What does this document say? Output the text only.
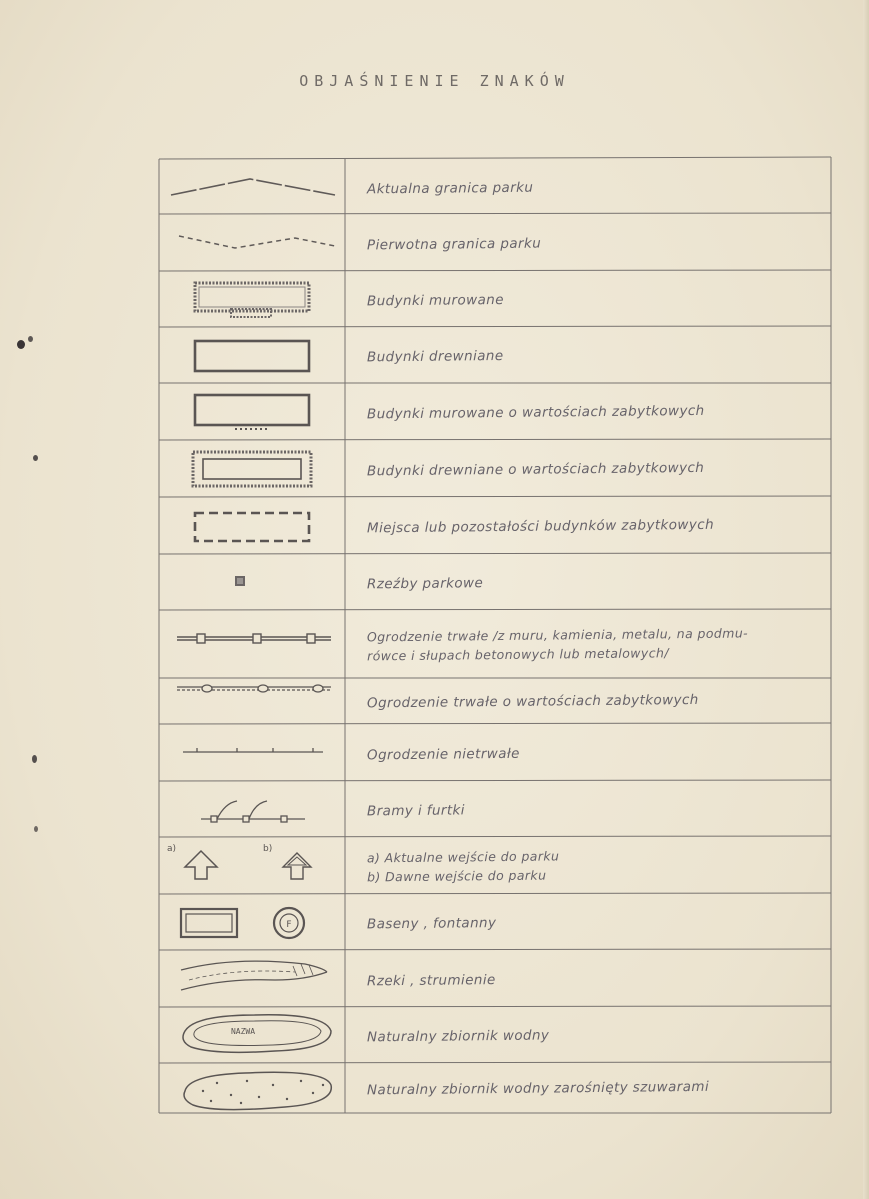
OBJAŚNIENIE ZNAKÓW
Aktualna granica parku
Pierwotna granica parku
Budynki murowane
Budynki drewniane
Budynki murowane o wartościach zabytkowych
Budynki drewniane o wartościach zabytkowych
Miejsca lub pozostałości budynków zabytkowych
Rzeźby parkowe
Ogrodzenie trwałe /z muru, kamienia, metalu, na podmu-
rówce i słupach betonowych lub metalowych/
Ogrodzenie trwałe o wartościach zabytkowych
Ogrodzenie nietrwałe
Bramy i furtki
a)	b)	a) Aktualne wejście do parku
b) Dawne wejście do parku
F	Baseny , fontanny
Rzeki , strumienie
NAZWA	Naturalny zbiornik wodny
Naturalny zbiornik wodny zarośnięty szuwarami
